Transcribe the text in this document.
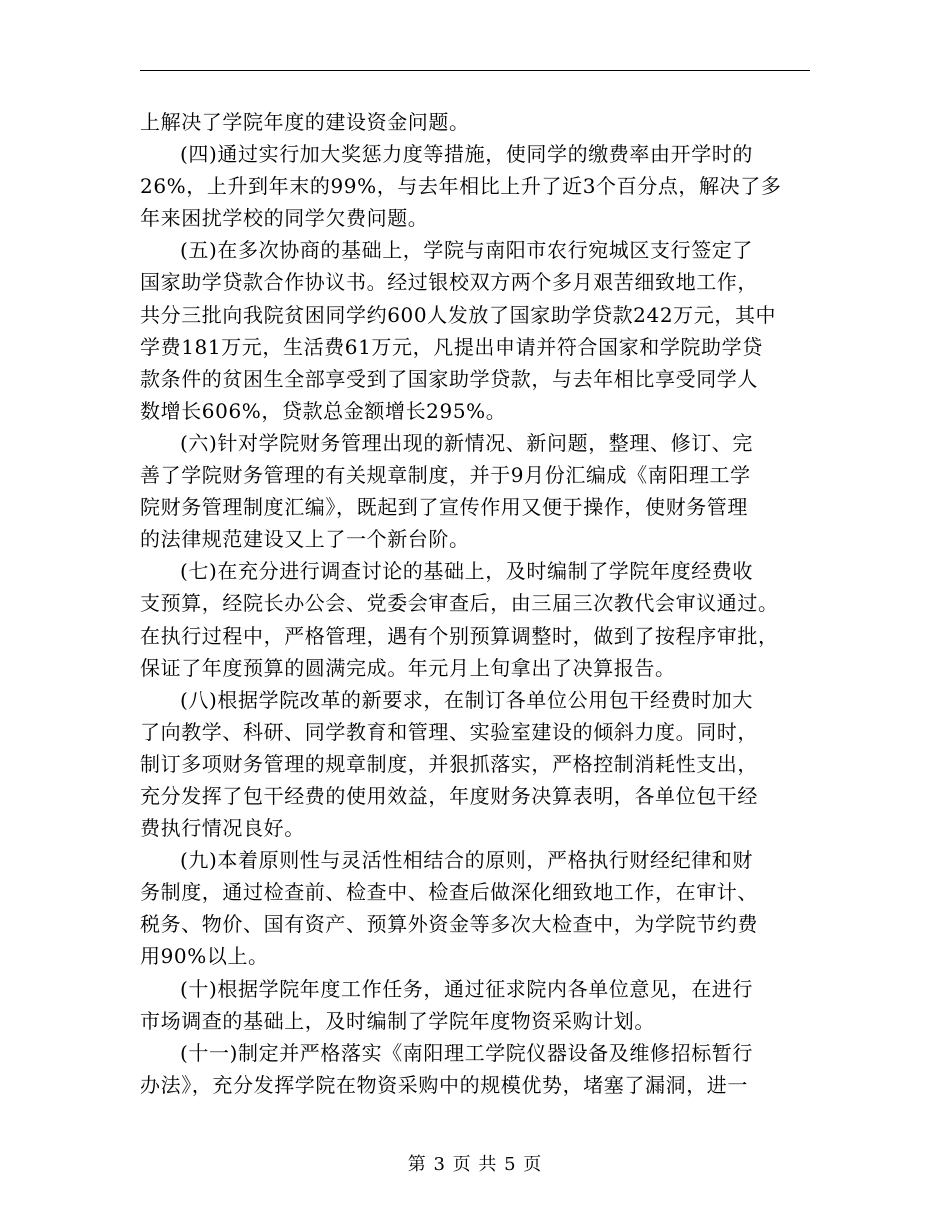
上解决了学院年度的建设资金问题。
(四)通过实行加大奖惩力度等措施，使同学的缴费率由开学时的
26%，上升到年末的99%，与去年相比上升了近3个百分点，解决了多
年来困扰学校的同学欠费问题。
(五)在多次协商的基础上，学院与南阳市农行宛城区支行签定了
国家助学贷款合作协议书。经过银校双方两个多月艰苦细致地工作，
共分三批向我院贫困同学约600人发放了国家助学贷款242万元，其中
学费181万元，生活费61万元，凡提出申请并符合国家和学院助学贷
款条件的贫困生全部享受到了国家助学贷款，与去年相比享受同学人
数增长606%，贷款总金额增长295%。
(六)针对学院财务管理出现的新情况、新问题，整理、修订、完
善了学院财务管理的有关规章制度，并于9月份汇编成《南阳理工学
院财务管理制度汇编》，既起到了宣传作用又便于操作，使财务管理
的法律规范建设又上了一个新台阶。
(七)在充分进行调查讨论的基础上，及时编制了学院年度经费收
支预算，经院长办公会、党委会审查后，由三届三次教代会审议通过。
在执行过程中，严格管理，遇有个别预算调整时，做到了按程序审批，
保证了年度预算的圆满完成。年元月上旬拿出了决算报告。
(八)根据学院改革的新要求，在制订各单位公用包干经费时加大
了向教学、科研、同学教育和管理、实验室建设的倾斜力度。同时，
制订多项财务管理的规章制度，并狠抓落实，严格控制消耗性支出，
充分发挥了包干经费的使用效益，年度财务决算表明，各单位包干经
费执行情况良好。
(九)本着原则性与灵活性相结合的原则，严格执行财经纪律和财
务制度，通过检查前、检查中、检查后做深化细致地工作，在审计、
税务、物价、国有资产、预算外资金等多次大检查中，为学院节约费
用90%以上。
(十)根据学院年度工作任务，通过征求院内各单位意见，在进行
市场调查的基础上，及时编制了学院年度物资采购计划。
(十一)制定并严格落实《南阳理工学院仪器设备及维修招标暂行
办法》，充分发挥学院在物资采购中的规模优势，堵塞了漏洞，进一
第 3 页 共 5 页
